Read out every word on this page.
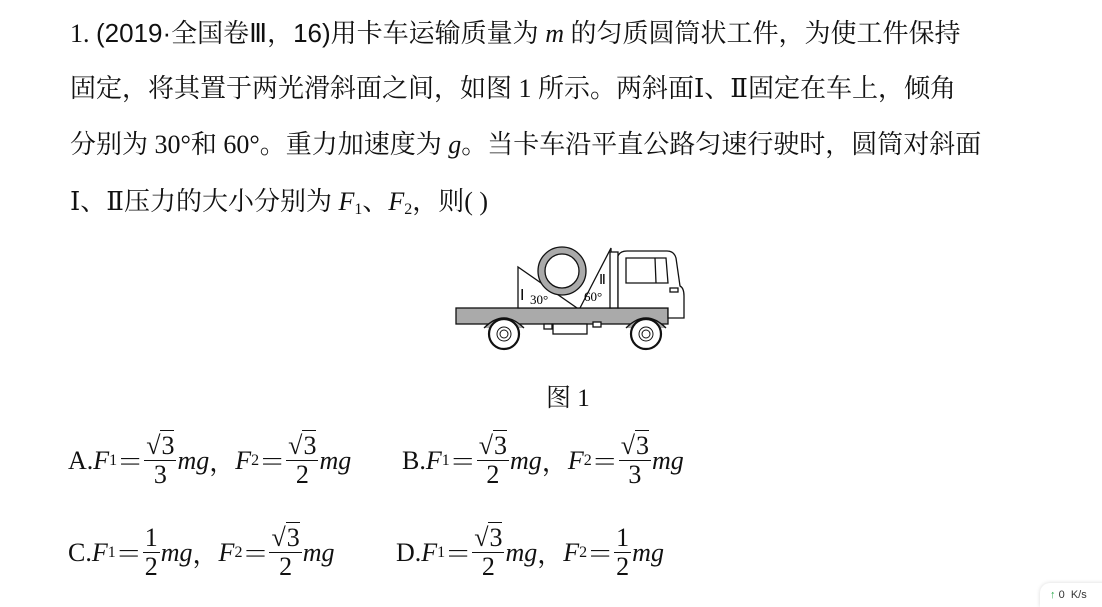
1. (2019·全国卷Ⅲ，16)用卡车运输质量为 m 的匀质圆筒状工件，为使工件保持
固定，将其置于两光滑斜面之间，如图 1 所示。两斜面Ⅰ、Ⅱ固定在车上，倾角
分别为 30°和 60°。重力加速度为 g。当卡车沿平直公路匀速行驶时，圆筒对斜面
Ⅰ、Ⅱ压力的大小分别为 $F_1$、$F_2$，则( )
Ⅰ 30°
Ⅱ
60°
图 1
A. F $1 = \frac{√3}{3}$ mg ， F $2 = \frac{√3}{2}$ mg B. F $1 = \frac{√3}{2}$ mg ， F $2 = \frac{√3}{3}$ mg
C. F $1 = \frac{1}{2}$ mg ， F $2 = \frac{√3}{2}$ mg D. F $1 = \frac{√3}{2}$ mg ， F $2 = \frac{1}{2}$ mg
↑ 0 K/s
